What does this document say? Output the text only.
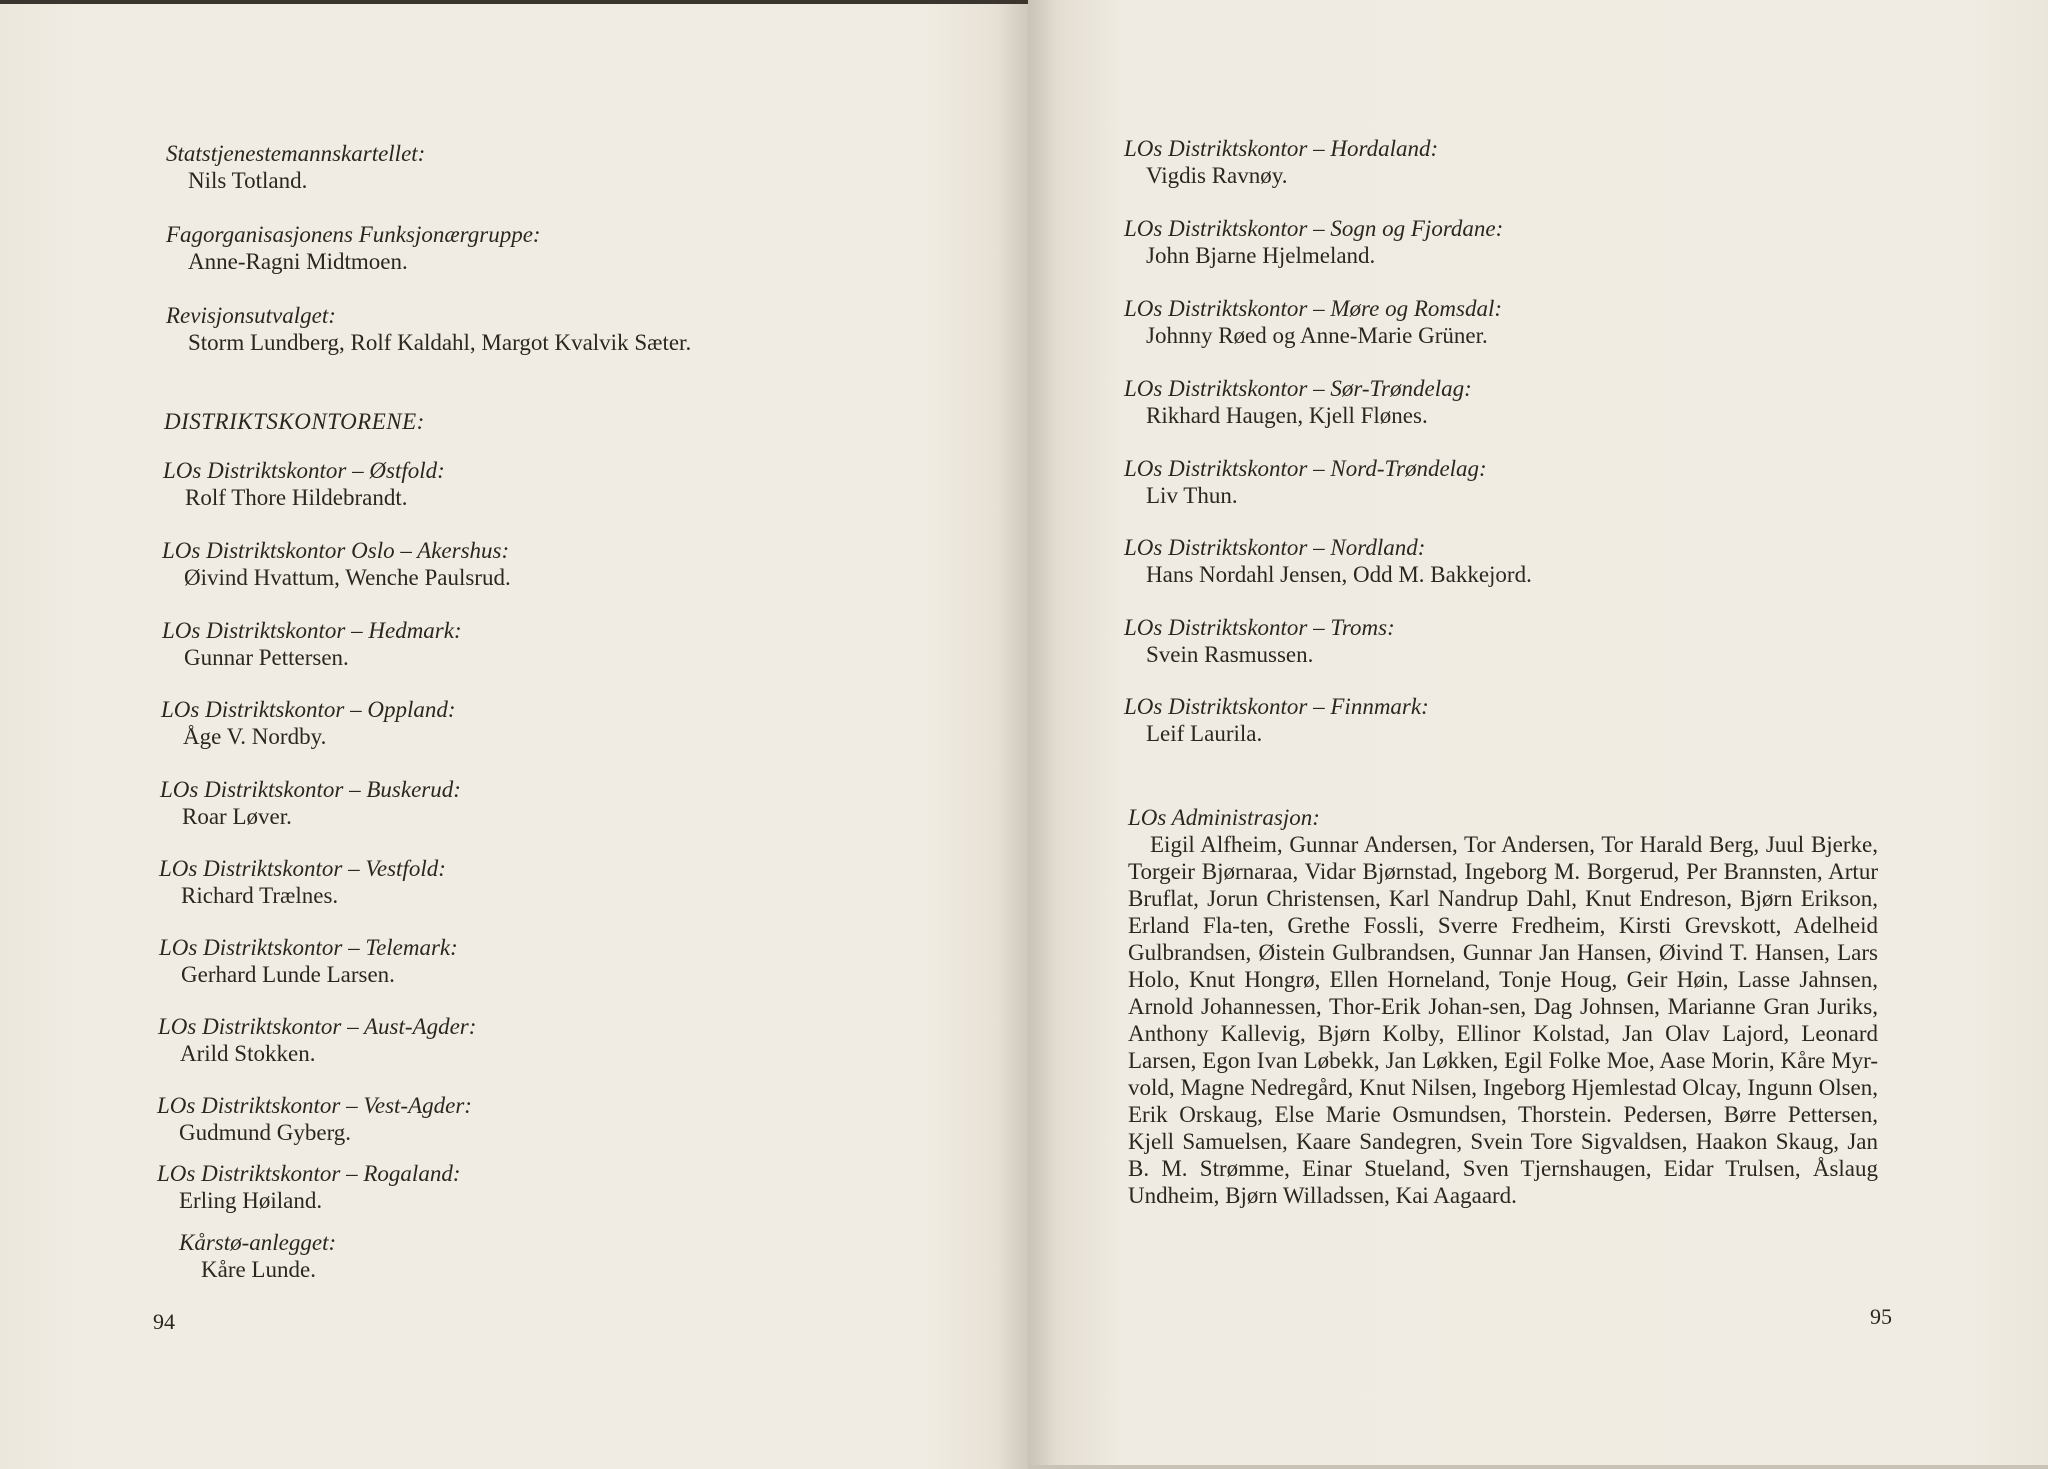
Statstjenestemannskartellet:
Nils Totland.
Fagorganisasjonens Funksjonærgruppe:
Anne-Ragni Midtmoen.
Revisjonsutvalget:
Storm Lundberg, Rolf Kaldahl, Margot Kvalvik Sæter.
DISTRIKTSKONTORENE:
LOs Distriktskontor – Østfold:
Rolf Thore Hildebrandt.
LOs Distriktskontor Oslo – Akershus:
Øivind Hvattum, Wenche Paulsrud.
LOs Distriktskontor – Hedmark:
Gunnar Pettersen.
LOs Distriktskontor – Oppland:
Åge V. Nordby.
LOs Distriktskontor – Buskerud:
Roar Løver.
LOs Distriktskontor – Vestfold:
Richard Trælnes.
LOs Distriktskontor – Telemark:
Gerhard Lunde Larsen.
LOs Distriktskontor – Aust-Agder:
Arild Stokken.
LOs Distriktskontor – Vest-Agder:
Gudmund Gyberg.
LOs Distriktskontor – Rogaland:
Erling Høiland.
Kårstø-anlegget:
Kåre Lunde.
94
LOs Distriktskontor – Hordaland:
Vigdis Ravnøy.
LOs Distriktskontor – Sogn og Fjordane:
John Bjarne Hjelmeland.
LOs Distriktskontor – Møre og Romsdal:
Johnny Røed og Anne-Marie Grüner.
LOs Distriktskontor – Sør-Trøndelag:
Rikhard Haugen, Kjell Flønes.
LOs Distriktskontor – Nord-Trøndelag:
Liv Thun.
LOs Distriktskontor – Nordland:
Hans Nordahl Jensen, Odd M. Bakkejord.
LOs Distriktskontor – Troms:
Svein Rasmussen.
LOs Distriktskontor – Finnmark:
Leif Laurila.
LOs Administrasjon:
Eigil Alfheim, Gunnar Andersen, Tor Andersen, Tor Harald Berg, Juul Bjerke, Torgeir Bjørnaraa, Vidar Bjørnstad, Ingeborg M. Borgerud, Per Brannsten, Artur Bruflat, Jorun Christensen, Karl Nandrup Dahl, Knut Endreson, Bjørn Erikson, Erland Fla-ten, Grethe Fossli, Sverre Fredheim, Kirsti Grevskott, Adelheid Gulbrandsen, Øistein Gulbrandsen, Gunnar Jan Hansen, Øivind T. Hansen, Lars Holo, Knut Hongrø, Ellen Horneland, Tonje Houg, Geir Høin, Lasse Jahnsen, Arnold Johannessen, Thor-Erik Johan-sen, Dag Johnsen, Marianne Gran Juriks, Anthony Kallevig, Bjørn Kolby, Ellinor Kolstad, Jan Olav Lajord, Leonard Larsen, Egon Ivan Løbekk, Jan Løkken, Egil Folke Moe, Aase Morin, Kåre Myr-vold, Magne Nedregård, Knut Nilsen, Ingeborg Hjemlestad Olcay, Ingunn Olsen, Erik Orskaug, Else Marie Osmundsen, Thorstein. Pedersen, Børre Pettersen, Kjell Samuelsen, Kaare Sandegren, Svein Tore Sigvaldsen, Haakon Skaug, Jan B. M. Strømme, Einar Stueland, Sven Tjernshaugen, Eidar Trulsen, Åslaug Undheim, Bjørn Willadssen, Kai Aagaard.
95
